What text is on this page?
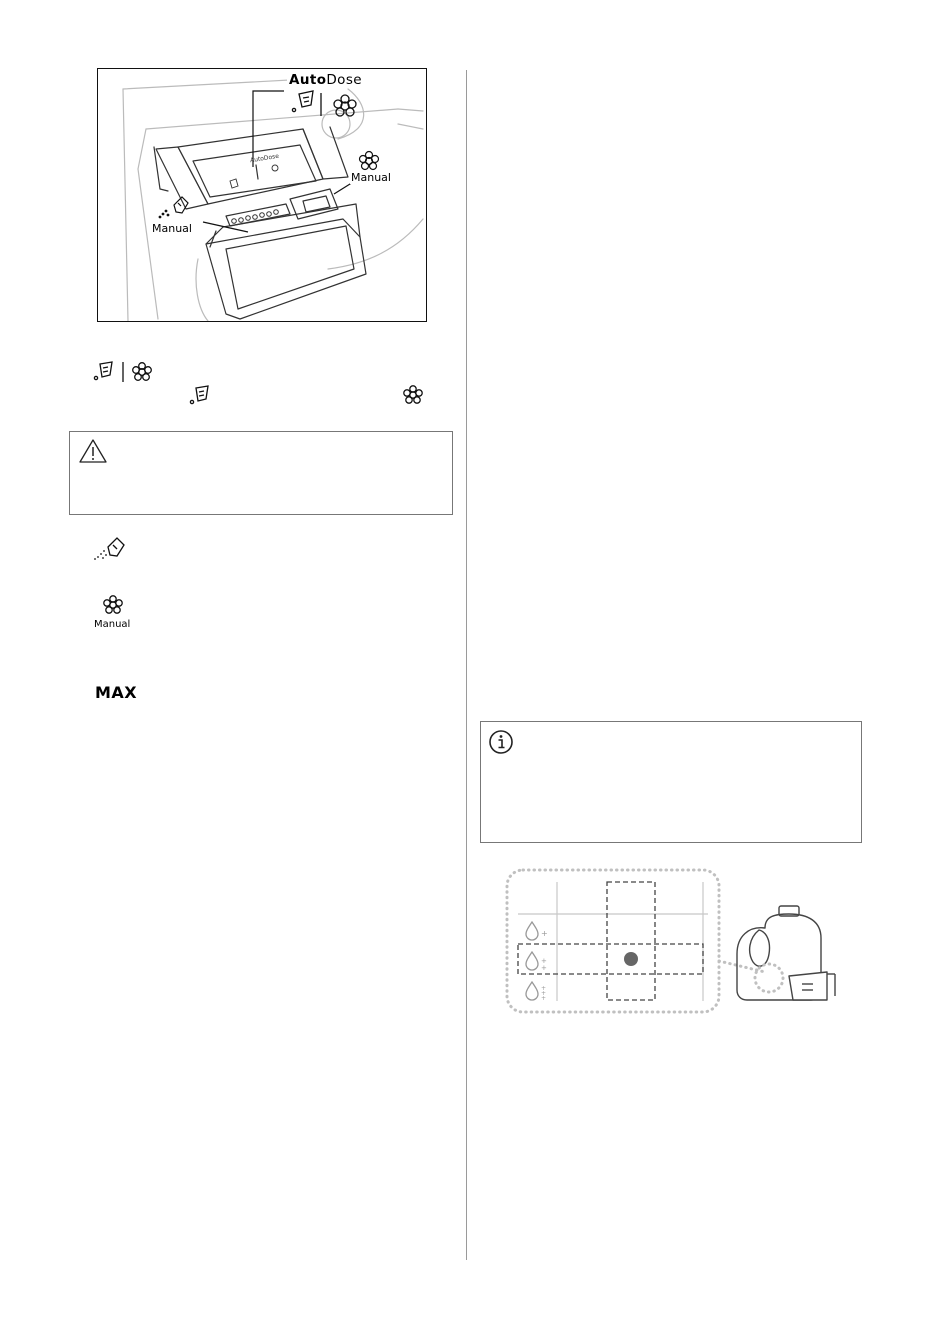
AutoDose
AutoDose
Manual
Manual
Manual
MAX
+
+
+
+
+
+
